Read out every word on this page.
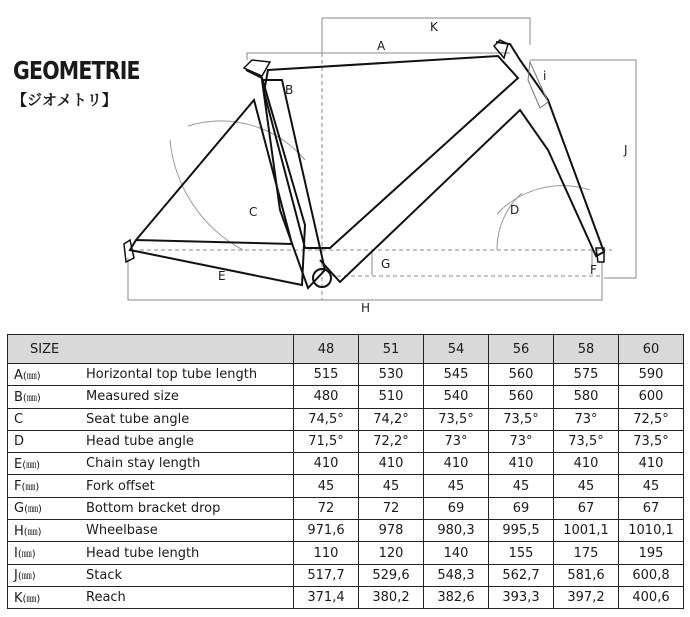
GEOMETRIE
【ジオメトリ】
A
B
C	D
E	F
G
H
i
J
K
SIZE		48	51	54	56	58	60
A(㎜)	Horizontal top tube length	515	530	545	560	575	590
B(㎜)	Measured size	480	510	540	560	580	600
C	Seat tube angle	74,5°	74,2°	73,5°	73,5°	73°	72,5°
D	Head tube angle	71,5°	72,2°	73°	73°	73,5°	73,5°
E(㎜)	Chain stay length	410	410	410	410	410	410
F(㎜)	Fork offset	45	45	45	45	45	45
G(㎜)	Bottom bracket drop	72	72	69	69	67	67
H(㎜)	Wheelbase	971,6	978	980,3	995,5	1001,1	1010,1
I(㎜)	Head tube length	110	120	140	155	175	195
J(㎜)	Stack	517,7	529,6	548,3	562,7	581,6	600,8
K(㎜)	Reach	371,4	380,2	382,6	393,3	397,2	400,6
